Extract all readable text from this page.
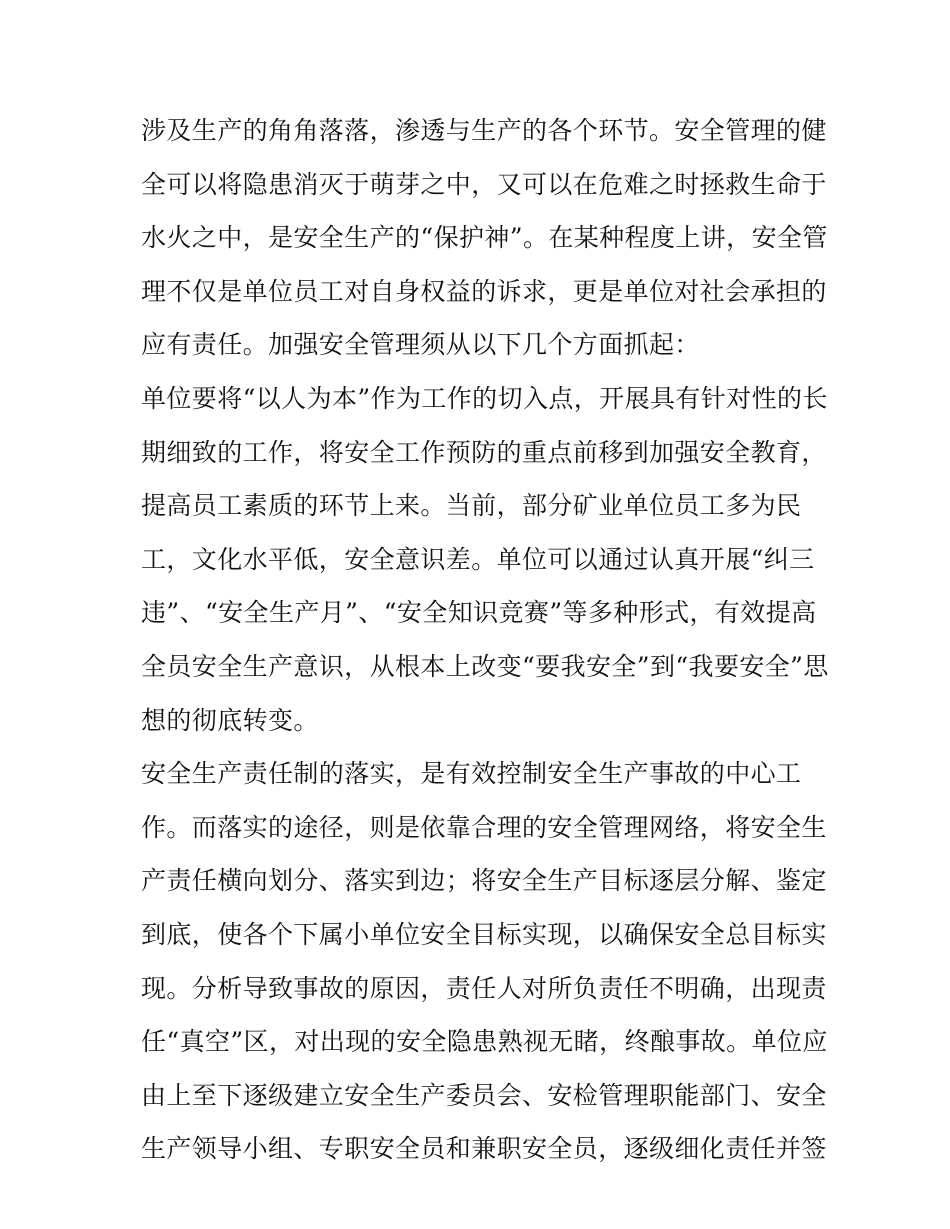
涉及生产的角角落落，渗透与生产的各个环节。安全管理的健
全可以将隐患消灭于萌芽之中，又可以在危难之时拯救生命于
水火之中，是安全生产的“保护神”。在某种程度上讲，安全管
理不仅是单位员工对自身权益的诉求，更是单位对社会承担的
应有责任。加强安全管理须从以下几个方面抓起：
单位要将“以人为本”作为工作的切入点，开展具有针对性的长
期细致的工作，将安全工作预防的重点前移到加强安全教育，
提高员工素质的环节上来。当前，部分矿业单位员工多为民
工，文化水平低，安全意识差。单位可以通过认真开展“纠三
违”、“安全生产月”、“安全知识竞赛”等多种形式，有效提高
全员安全生产意识，从根本上改变“要我安全”到“我要安全”思
想的彻底转变。
安全生产责任制的落实，是有效控制安全生产事故的中心工
作。而落实的途径，则是依靠合理的安全管理网络，将安全生
产责任横向划分、落实到边；将安全生产目标逐层分解、鉴定
到底，使各个下属小单位安全目标实现，以确保安全总目标实
现。分析导致事故的原因，责任人对所负责任不明确，出现责
任“真空”区，对出现的安全隐患熟视无睹，终酿事故。单位应
由上至下逐级建立安全生产委员会、安检管理职能部门、安全
生产领导小组、专职安全员和兼职安全员，逐级细化责任并签
